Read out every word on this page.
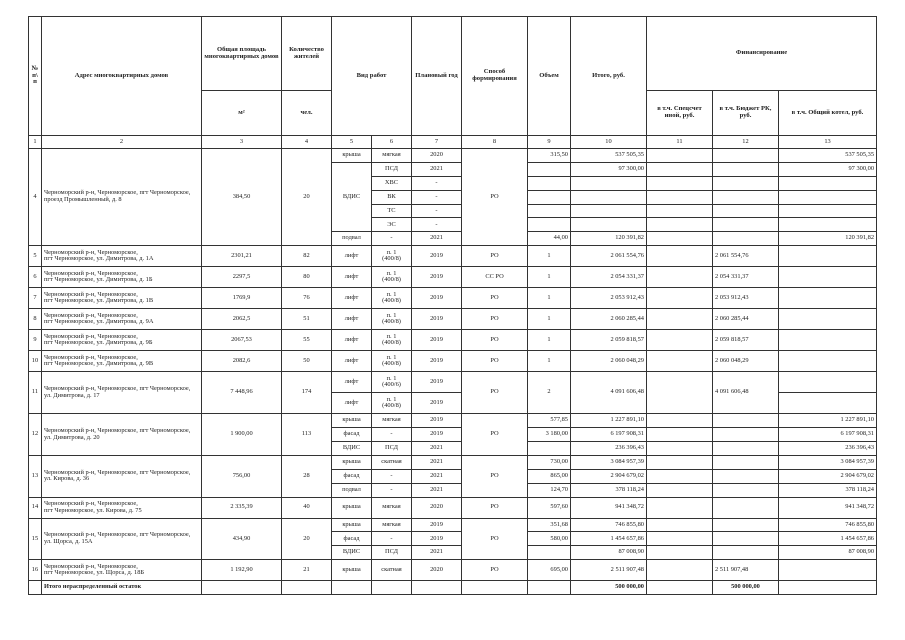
№ п\ п	Адрес многоквартирных домов	Общая площадь многоквартирных домов	Количество жителей	Вид работ		Плановый год	Способ формирования	Объем	Итого, руб.	Финансирование		
		м²	чел.							в т.ч. Спецсчет иной, руб.	в т.ч. Бюджет РК, руб.	в т.ч. Общий котел, руб.
1	2	3	4	5	6	7	8	9	10	11	12	13
4	Черноморский р-н, Черноморское, пгт Черноморское, проезд Промышленный, д. 8	384,50	20	крыша	мягкая	2020	РО	315,50	537 505,35			537 505,35
				ВДИС	ПСД	2021			97 300,00			97 300,00
					ХВС	-						
					ВК	-						
					ТС	-						
					ЭС	-						
				подвал	-	2021		44,00	120 391,82			120 391,82
5	Черноморский р-н, Черноморское,
пгт Черноморское, ул. Димитрова, д. 1А	2301,21	82	лифт	п. 1
(400/8)	2019	РО	1	2 061 554,76		2 061 554,76	
6	Черноморский р-н, Черноморское,
пгт Черноморское, ул. Димитрова, д. 1Б	2297,5	80	лифт	п. 1
(400/8)	2019	СС РО	1	2 054 331,37		2 054 331,37	
7	Черноморский р-н, Черноморское,
пгт Черноморское, ул. Димитрова, д. 1В	1769,9	76	лифт	п. 1
(400/8)	2019	РО	1	2 053 912,43		2 053 912,43	
8	Черноморский р-н, Черноморское,
пгт Черноморское, ул. Димитрова, д. 9А	2062,5	51	лифт	п. 1
(400/8)	2019	РО	1	2 060 285,44		2 060 285,44	
9	Черноморский р-н, Черноморское,
пгт Черноморское, ул. Димитрова, д. 9Б	2067,53	55	лифт	п. 1
(400/8)	2019	РО	1	2 059 818,57		2 059 818,57	
10	Черноморский р-н, Черноморское,
пгт Черноморское, ул. Димитрова, д. 9В	2082,6	50	лифт	п. 1
(400/8)	2019	РО	1	2 060 048,29		2 060 048,29	
11	Черноморский р-н, Черноморское, пгт Черноморское, ул. Димитрова, д. 17	7 448,96	174	лифт	п. 1
(400/6)	2019	РО	2	4 091 606,48		4 091 606,48	
				лифт	п. 1
(400/8)	2019						
12	Черноморский р-н, Черноморское, пгт Черноморское, ул. Димитрова, д. 20	1 900,00	113	крыша	мягкая	2019	РО	577,85	1 227 891,10			1 227 891,10
				фасад	-	2019		3 180,00	6 197 908,31			6 197 908,31
				ВДИС	ПСД	2021			236 396,43			236 396,43
13	Черноморский р-н, Черноморское, пгт Черноморское, ул. Кирова, д. 36	756,00	28	крыша	скатная	2021	РО	730,00	3 084 957,39			3 084 957,39
				фасад	-	2021		865,00	2 904 679,02			2 904 679,02
				подвал	-	2021		124,70	378 118,24			378 118,24
14	Черноморский р-н, Черноморское,
пгт Черноморское, ул. Кирова, д. 75	2 335,39	40	крыша	мягкая	2020	РО	597,60	941 348,72			941 348,72
15	Черноморский р-н, Черноморское, пгт Черноморское, ул. Щорса, д. 15А	434,90	20	крыша	мягкая	2019	РО	351,68	746 855,80			746 855,80
				фасад	-	2019		580,00	1 454 657,86			1 454 657,86
				ВДИС	ПСД	2021			87 008,90			87 008,90
16	Черноморский р-н, Черноморское,
пгт Черноморское, ул. Щорса, д. 18Б	1 192,90	21	крыша	скатная	2020	РО	695,00	2 511 907,48		2 511 907,48	
	Итого нераспределенный остаток								500 000,00		500 000,00	
